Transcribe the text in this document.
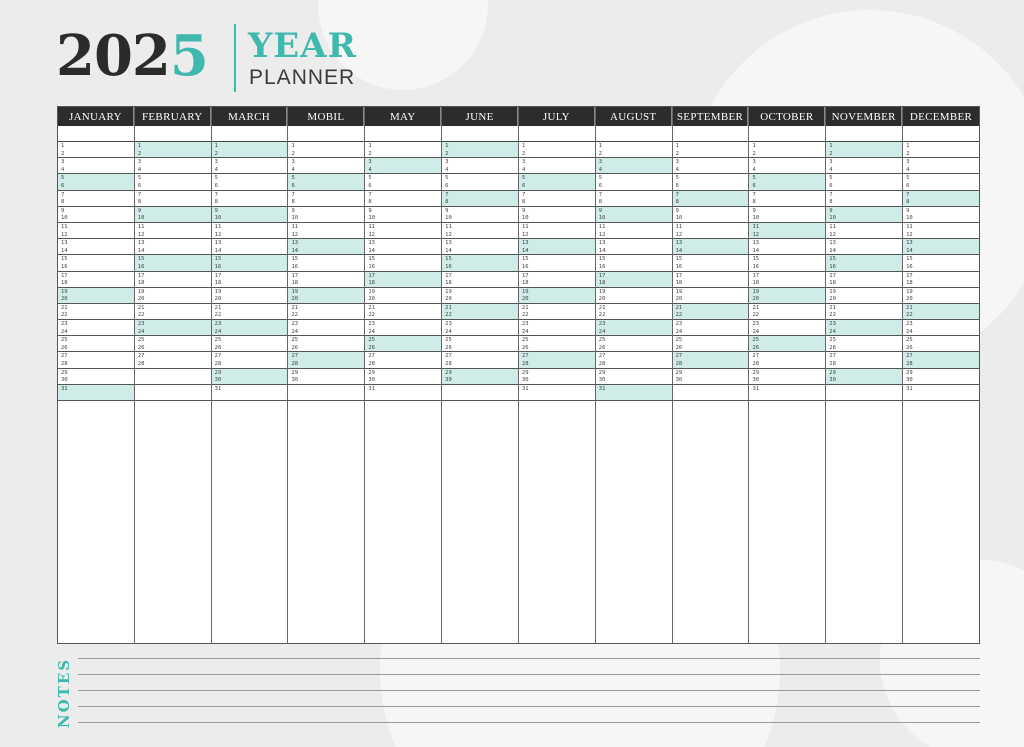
2025 YEAR
PLANNER
JANUARY
1
2
3
4
5
6
7
8
9
10
11
12
13
14
15
16
17
18
19
20
21
22
23
24
25
26
27
28
29
30
31
FEBRUARY
1
2
3
4
5
6
7
8
9
10
11
12
13
14
15
16
17
18
19
20
21
22
23
24
25
26
27
28
MARCH
1
2
3
4
5
6
7
8
9
10
11
12
13
14
15
16
17
18
19
20
21
22
23
24
25
26
27
28
29
30
31
MOBIL
1
2
3
4
5
6
7
8
9
10
11
12
13
14
15
16
17
18
19
20
21
22
23
24
25
26
27
28
29
30
MAY
1
2
3
4
5
6
7
8
9
10
11
12
13
14
15
16
17
18
19
20
21
22
23
24
25
26
27
28
29
30
31
JUNE
1
2
3
4
5
6
7
8
9
10
11
12
13
14
15
16
17
18
19
20
21
22
23
24
25
26
27
28
29
30
JULY
1
2
3
4
5
6
7
8
9
10
11
12
13
14
15
16
17
18
19
20
21
22
23
24
25
26
27
28
29
30
31
AUGUST
1
2
3
4
5
6
7
8
9
10
11
12
13
14
15
16
17
18
19
20
21
22
23
24
25
26
27
28
29
30
31
SEPTEMBER
1
2
3
4
5
6
7
8
9
10
11
12
13
14
15
16
17
18
19
20
21
22
23
24
25
26
27
28
29
30
OCTOBER
1
2
3
4
5
6
7
8
9
10
11
12
13
14
15
16
17
18
19
20
21
22
23
24
25
26
27
28
29
30
31
NOVEMBER
1
2
3
4
5
6
7
8
9
10
11
12
13
14
15
16
17
18
19
20
21
22
23
24
25
26
27
28
29
30
DECEMBER
1
2
3
4
5
6
7
8
9
10
11
12
13
14
15
16
17
18
19
20
21
22
23
24
25
26
27
28
29
30
31
NOTES
